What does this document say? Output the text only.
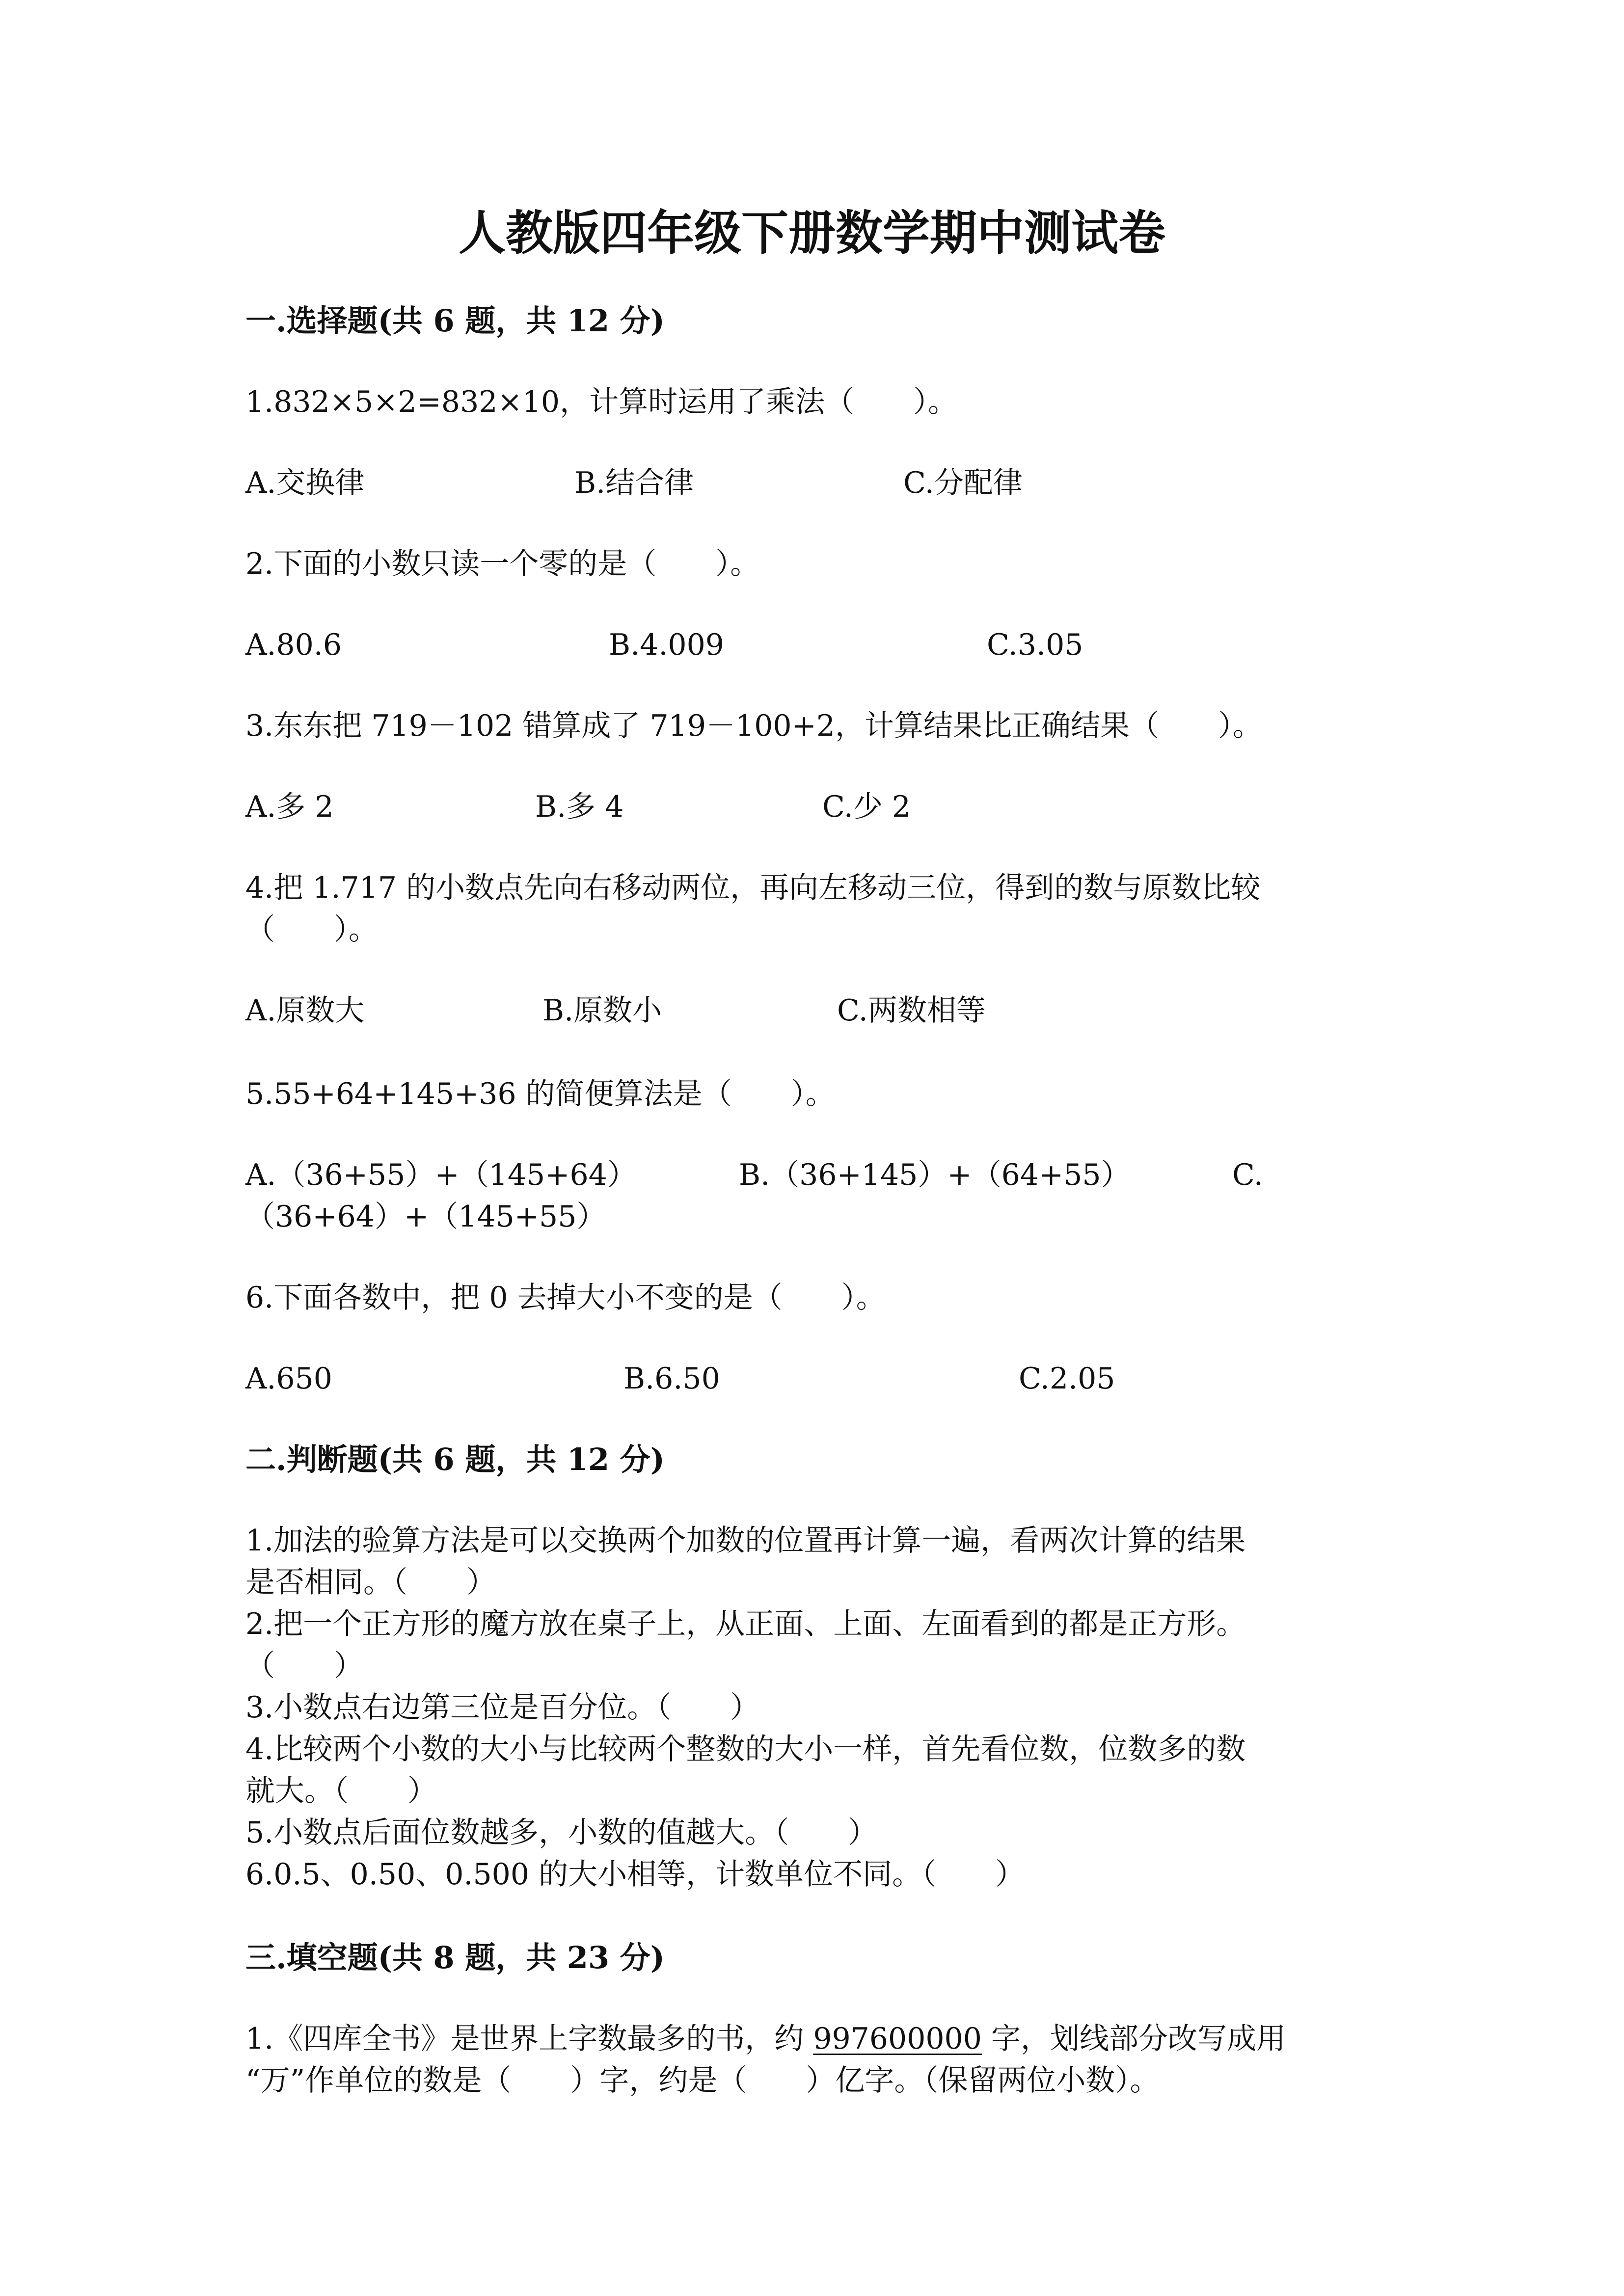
人教版四年级下册数学期中测试卷
一.选择题(共 6 题，共 12 分)
1.832×5×2=832×10，计算时运用了乘法（　　）。
A.交换律	B.结合律	C.分配律
2.下面的小数只读一个零的是（　　）。
A.80.6	B.4.009	C.3.05
3.东东把 719－102 错算成了 719－100+2，计算结果比正确结果（　　）。
A.多 2	B.多 4	C.少 2
4.把 1.717 的小数点先向右移动两位，再向左移动三位，得到的数与原数比较
（　　）。
A.原数大	B.原数小	C.两数相等
5.55+64+145+36 的简便算法是（　　）。
A.（36+55）+（145+64）	B.（36+145）+（64+55）	C.
（36+64）+（145+55）
6.下面各数中，把 0 去掉大小不变的是（　　）。
A.650	B.6.50	C.2.05
二.判断题(共 6 题，共 12 分)
1.加法的验算方法是可以交换两个加数的位置再计算一遍，看两次计算的结果
是否相同。（　　）
2.把一个正方形的魔方放在桌子上，从正面、上面、左面看到的都是正方形。
（　　）
3.小数点右边第三位是百分位。（　　）
4.比较两个小数的大小与比较两个整数的大小一样，首先看位数，位数多的数
就大。（　　）
5.小数点后面位数越多，小数的值越大。（　　）
6.0.5、0.50、0.500 的大小相等，计数单位不同。（　　）
三.填空题(共 8 题，共 23 分)
1.《四库全书》是世界上字数最多的书，约 997600000 字，划线部分改写成用
“万”作单位的数是（　　）字，约是（　　）亿字。（保留两位小数）。
